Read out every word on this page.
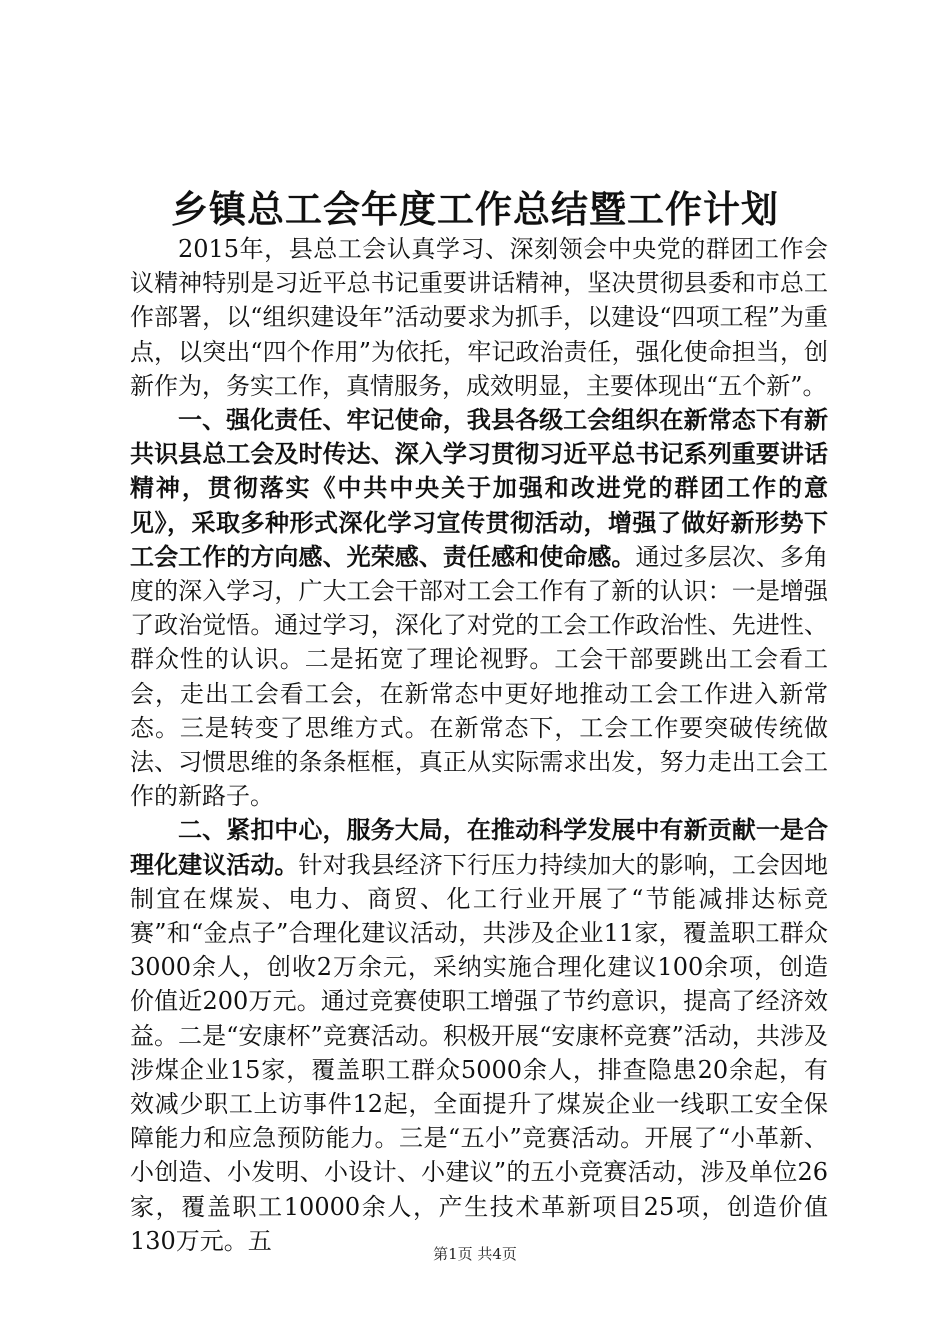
乡镇总工会年度工作总结暨工作计划

2015年，县总工会认真学习、深刻领会中央党的群团工作会议精神特别是习近平总书记重要讲话精神，坚决贯彻县委和市总工作部署，以“组织建设年”活动要求为抓手，以建设“四项工程”为重点，以突出“四个作用”为依托，牢记政治责任，强化使命担当，创新作为，务实工作，真情服务，成效明显，主要体现出“五个新”。

一、强化责任、牢记使命，我县各级工会组织在新常态下有新共识县总工会及时传达、深入学习贯彻习近平总书记系列重要讲话精神，贯彻落实《中共中央关于加强和改进党的群团工作的意见》，采取多种形式深化学习宣传贯彻活动，增强了做好新形势下工会工作的方向感、光荣感、责任感和使命感。通过多层次、多角度的深入学习，广大工会干部对工会工作有了新的认识：一是增强了政治觉悟。通过学习，深化了对党的工会工作政治性、先进性、群众性的认识。二是拓宽了理论视野。工会干部要跳出工会看工会，走出工会看工会，在新常态中更好地推动工会工作进入新常态。三是转变了思维方式。在新常态下，工会工作要突破传统做法、习惯思维的条条框框，真正从实际需求出发，努力走出工会工作的新路子。

二、紧扣中心，服务大局，在推动科学发展中有新贡献一是合理化建议活动。针对我县经济下行压力持续加大的影响，工会因地制宜在煤炭、电力、商贸、化工行业开展了“节能减排达标竞赛”和“金点子”合理化建议活动，共涉及企业11家，覆盖职工群众3000余人，创收2万余元，采纳实施合理化建议100余项，创造价值近200万元。通过竞赛使职工增强了节约意识，提高了经济效益。二是“安康杯”竞赛活动。积极开展“安康杯竞赛”活动，共涉及涉煤企业15家，覆盖职工群众5000余人，排查隐患20余起，有效减少职工上访事件12起，全面提升了煤炭企业一线职工安全保障能力和应急预防能力。三是“五小”竞赛活动。开展了“小革新、小创造、小发明、小设计、小建议”的五小竞赛活动，涉及单位26家，覆盖职工10000余人，产生技术革新项目25项，创造价值130万元。五	第1页 共4页
